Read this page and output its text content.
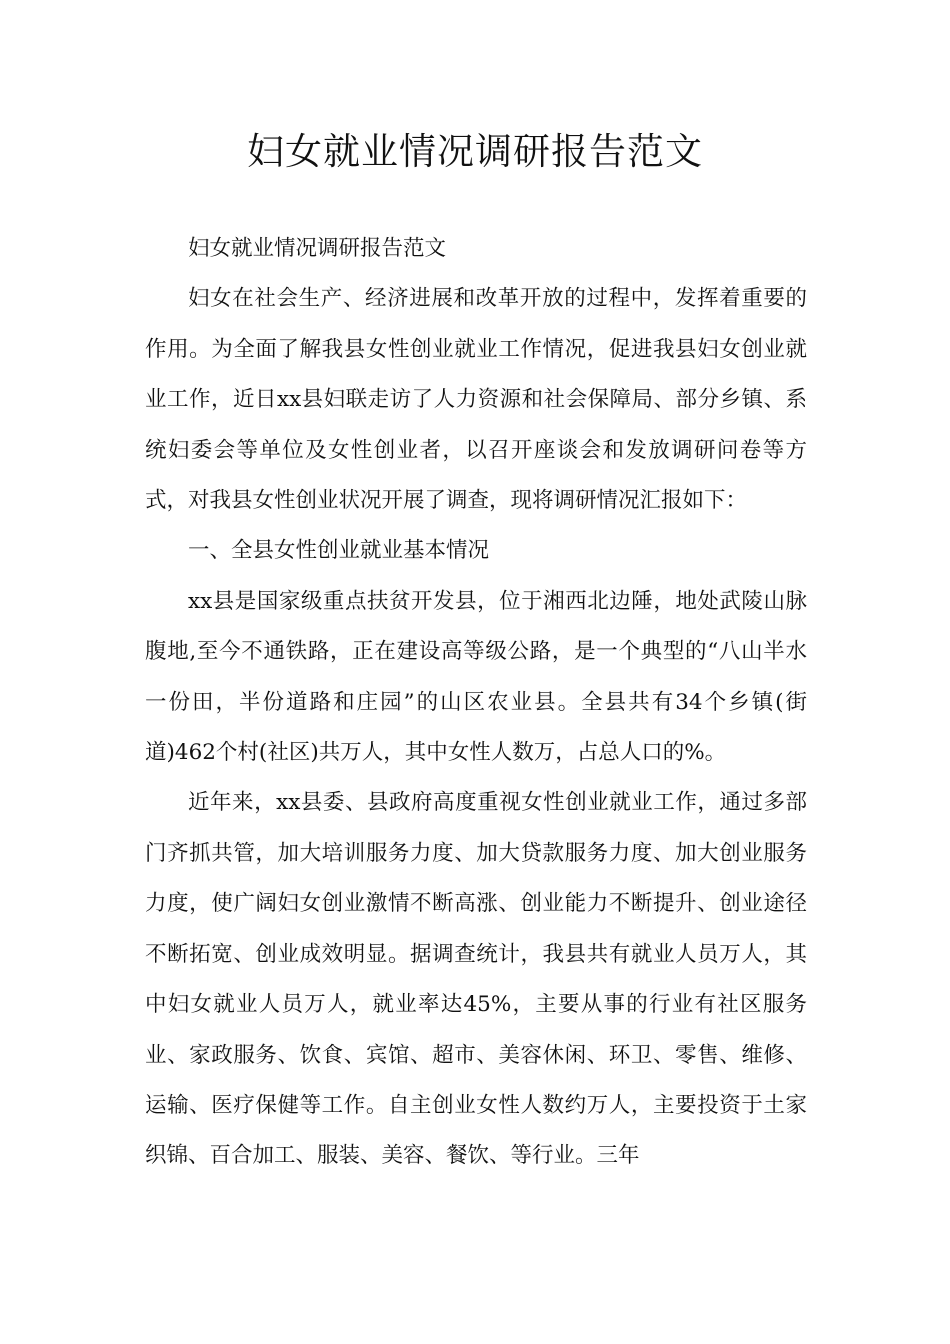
妇女就业情况调研报告范文

妇女就业情况调研报告范文

妇女在社会生产、经济进展和改革开放的过程中，发挥着重要的作用。为全面了解我县女性创业就业工作情况，促进我县妇女创业就业工作，近日xx县妇联走访了人力资源和社会保障局、部分乡镇、系统妇委会等单位及女性创业者，以召开座谈会和发放调研问卷等方式，对我县女性创业状况开展了调查，现将调研情况汇报如下：

一、全县女性创业就业基本情况

xx县是国家级重点扶贫开发县，位于湘西北边陲，地处武陵山脉腹地,至今不通铁路，正在建设高等级公路，是一个典型的“八山半水一份田，半份道路和庄园”的山区农业县。全县共有34个乡镇(街道)462个村(社区)共万人，其中女性人数万，占总人口的%。

近年来，xx县委、县政府高度重视女性创业就业工作，通过多部门齐抓共管，加大培训服务力度、加大贷款服务力度、加大创业服务力度，使广阔妇女创业激情不断高涨、创业能力不断提升、创业途径不断拓宽、创业成效明显。据调查统计，我县共有就业人员万人，其中妇女就业人员万人，就业率达45%，主要从事的行业有社区服务业、家政服务、饮食、宾馆、超市、美容休闲、环卫、零售、维修、运输、医疗保健等工作。自主创业女性人数约万人，主要投资于土家织锦、百合加工、服装、美容、餐饮、等行业。三年
